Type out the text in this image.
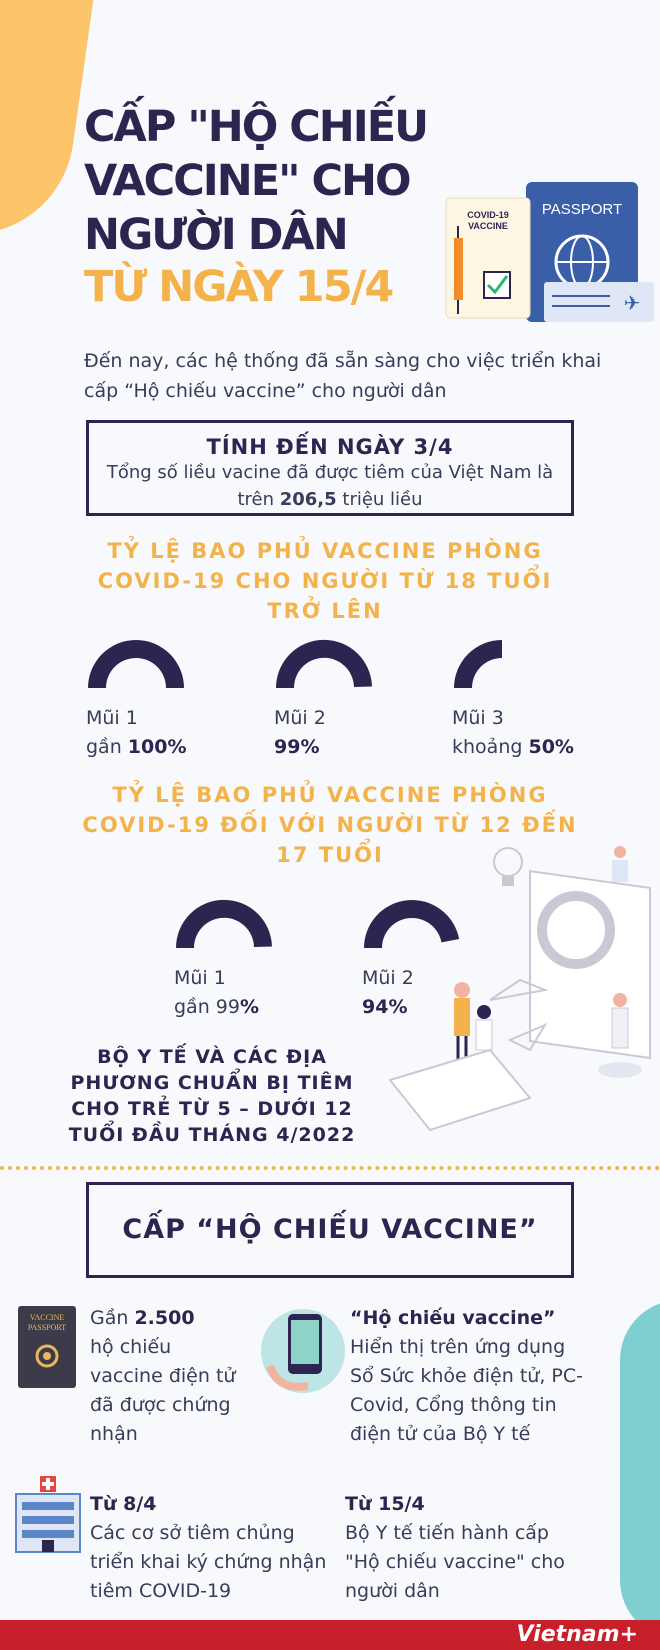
CẤP "HỘ CHIẾU
VACCINE" CHO
NGƯỜI DÂN
TỪ NGÀY 15/4
PASSPORT
✈
COVID-19
VACCINE
Đến nay, các hệ thống đã sẵn sàng cho việc triển khai cấp “Hộ chiếu vaccine” cho người dân
TÍNH ĐẾN NGÀY 3/4
Tổng số liều vacine đã được tiêm của Việt Nam là trên 206,5 triệu liều
TỶ LỆ BAO PHỦ VACCINE PHÒNG COVID-19 CHO NGƯỜI TỪ 18 TUỔI TRỞ LÊN
Mũi 1
gần 100%
Mũi 2
99%
Mũi 3
khoảng 50%
TỶ LỆ BAO PHỦ VACCINE PHÒNG COVID-19 ĐỐI VỚI NGƯỜI TỪ 12 ĐẾN 17 TUỔI
Mũi 1
gần 99%
Mũi 2
94%
BỘ Y TẾ VÀ CÁC ĐỊA PHƯƠNG CHUẨN BỊ TIÊM CHO TRẺ TỪ 5 – DƯỚI 12 TUỔI ĐẦU THÁNG 4/2022
CẤP “HỘ CHIẾU VACCINE”
VACCINE
PASSPORT Gần 2.500
hộ chiếu vaccine điện tử đã được chứng nhận
“Hộ chiếu vaccine”
Hiển thị trên ứng dụng Sổ Sức khỏe điện tử, PC-Covid, Cổng thông tin điện tử của Bộ Y tế
Từ 8/4
Các cơ sở tiêm chủng triển khai ký chứng nhận tiêm COVID-19
Từ 15/4
Bộ Y tế tiến hành cấp "Hộ chiếu vaccine" cho người dân
Vietnam+
